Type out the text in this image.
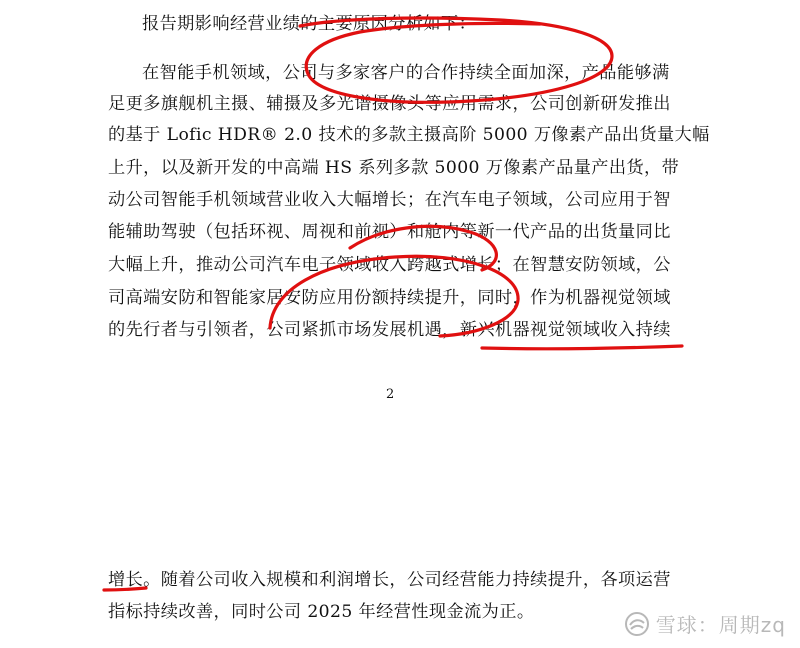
报告期影响经营业绩的主要原因分析如下：
在智能手机领域，公司与多家客户的合作持续全面加深，产品能够满
足更多旗舰机主摄、辅摄及多光谱摄像头等应用需求，公司创新研发推出
的基于 Lofic HDR® 2.0 技术的多款主摄高阶 5000 万像素产品出货量大幅
上升，以及新开发的中高端 HS 系列多款 5000 万像素产品量产出货，带
动公司智能手机领域营业收入大幅增长；在汽车电子领域，公司应用于智
能辅助驾驶（包括环视、周视和前视）和舱内等新一代产品的出货量同比
大幅上升，推动公司汽车电子领域收入跨越式增长；在智慧安防领域，公
司高端安防和智能家居安防应用份额持续提升，同时，作为机器视觉领域
的先行者与引领者，公司紧抓市场发展机遇，新兴机器视觉领域收入持续
2
增长。随着公司收入规模和利润增长，公司经营能力持续提升，各项运营
指标持续改善，同时公司 2025 年经营性现金流为正。
雪球：周期zq
